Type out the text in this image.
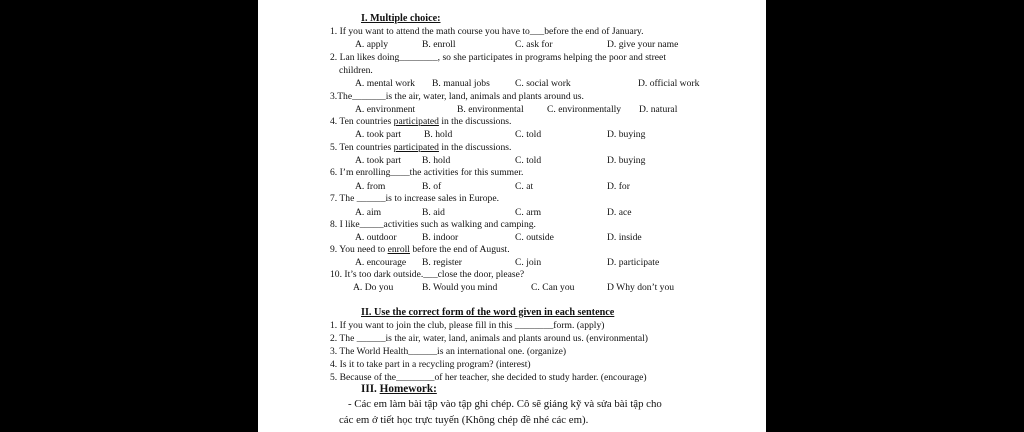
I. Multiple choice:
1. If you want to attend the math course you have to___before the end of January.
A. apply	B. enroll	C. ask for	D. give your name
2. Lan likes doing________, so she participates in programs helping the poor and street
children.
A. mental work B. manual jobs	C. social work	D. official work
3.The_______is the air, water, land, animals and plants around us.
A. environment	B. environmental C. environmentally D. natural
4. Ten countries participated in the discussions.
A. took part B. hold	C. told	D. buying
5. Ten countries participated in the discussions.
A. took part B. hold	C. told	D. buying
6. I’m enrolling____the activities for this summer.
A. from	B. of	C. at	D. for
7. The ______is to increase sales in Europe.
A. aim	B. aid	C. arm	D. ace
8. I like_____activities such as walking and camping.
A. outdoor	B. indoor	C. outside	D. inside
9. You need to enroll before the end of August.
A. encourage B. register	C. join	D. participate
10. It’s too dark outside.___close the door, please?
A. Do you	B. Would you mind	C. Can you	D Why don’t you
II. Use the correct form of the word given in each sentence
1. If you want to join the club, please fill in this ________form. (apply)
2. The ______is the air, water, land, animals and plants around us. (environmental)
3. The World Health______is an international one. (organize)
4. Is it to take part in a recycling program? (interest)
5. Because of the________of her teacher, she decided to study harder. (encourage)
III. Homework:
- Các em làm bài tập vào tập ghi chép. Cô sẽ giảng kỹ và sửa bài tập cho
các em ở tiết học trực tuyến (Không chép đề nhé các em).
